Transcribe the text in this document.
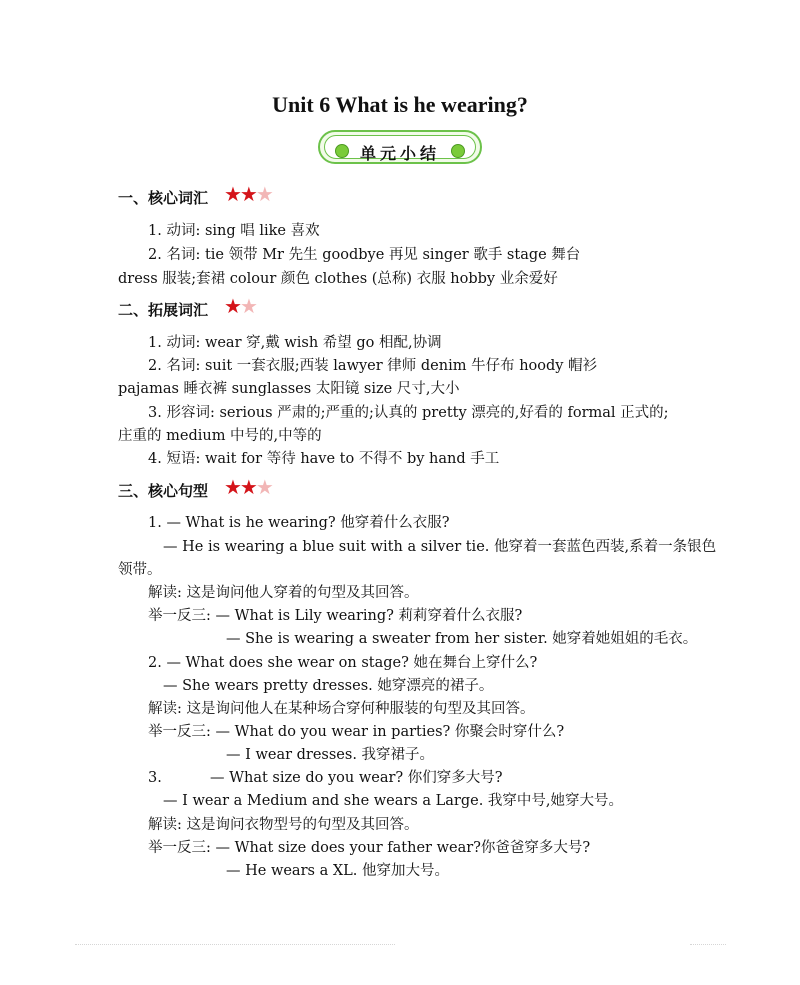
Unit 6 What is he wearing?
单元小结
一、核心词汇 ★★★
1. 动词: sing 唱 like 喜欢
2. 名词: tie 领带 Mr 先生 goodbye 再见 singer 歌手 stage 舞台
dress 服装;套裙 colour 颜色 clothes (总称) 衣服 hobby 业余爱好
二、拓展词汇 ★★
1. 动词: wear 穿,戴 wish 希望 go 相配,协调
2. 名词: suit 一套衣服;西装 lawyer 律师 denim 牛仔布 hoody 帽衫
pajamas 睡衣裤 sunglasses 太阳镜 size 尺寸,大小
3. 形容词: serious 严肃的;严重的;认真的 pretty 漂亮的,好看的 formal 正式的;
庄重的 medium 中号的,中等的
4. 短语: wait for 等待 have to 不得不 by hand 手工
三、核心句型 ★★★
1. — What is he wearing? 他穿着什么衣服?
— He is wearing a blue suit with a silver tie. 他穿着一套蓝色西装,系着一条银色
领带。
解读: 这是询问他人穿着的句型及其回答。
举一反三: — What is Lily wearing? 莉莉穿着什么衣服?
— She is wearing a sweater from her sister. 她穿着她姐姐的毛衣。
2. — What does she wear on stage? 她在舞台上穿什么?
— She wears pretty dresses. 她穿漂亮的裙子。
解读: 这是询问他人在某种场合穿何种服装的句型及其回答。
举一反三: — What do you wear in parties? 你聚会时穿什么?
— I wear dresses. 我穿裙子。
3.	— What size do you wear? 你们穿多大号?
— I wear a Medium and she wears a Large. 我穿中号,她穿大号。
解读: 这是询问衣物型号的句型及其回答。
举一反三: — What size does your father wear?你爸爸穿多大号?
— He wears a XL. 他穿加大号。
